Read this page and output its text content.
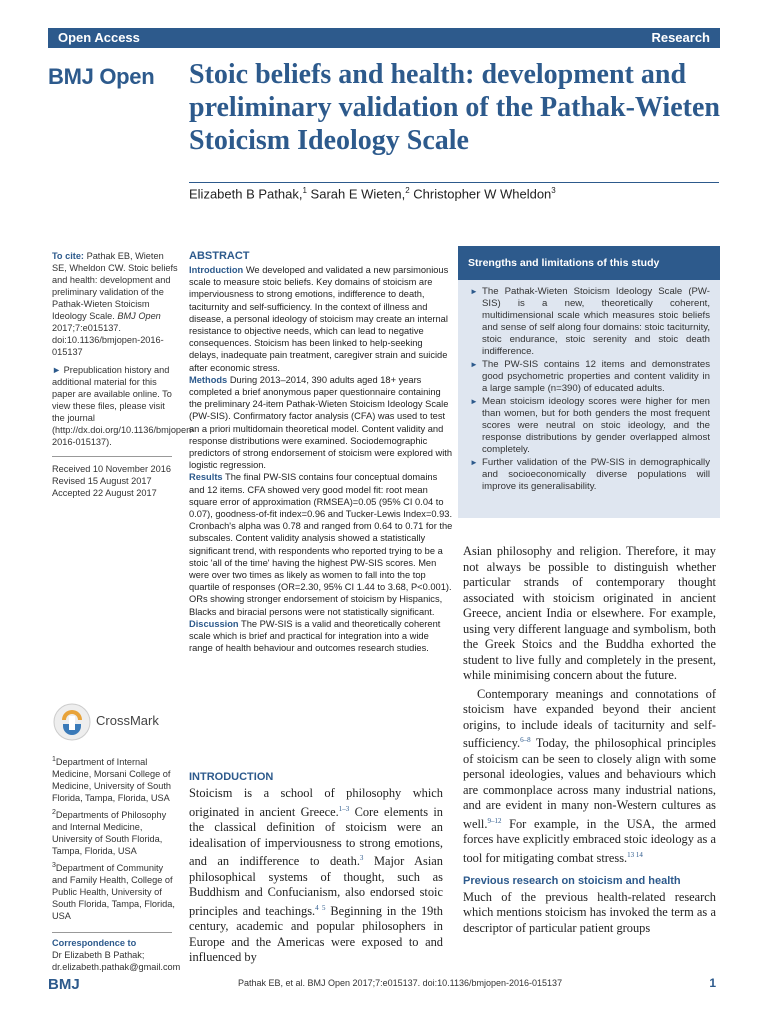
Open Access	Research
BMJ Open Stoic beliefs and health: development and preliminary validation of the Pathak-Wieten Stoicism Ideology Scale
Elizabeth B Pathak,$^1$ Sarah E Wieten,$^2$ Christopher W Wheldon$^3$

To cite: Pathak EB, Wieten SE, Wheldon CW. Stoic beliefs and health: development and preliminary validation of the Pathak-Wieten Stoicism Ideology Scale. BMJ Open 2017;7:e015137. doi:10.1136/bmjopen-2016-015137

► Prepublication history and additional material for this paper are available online. To view these files, please visit the journal (http://dx.doi.org/10.1136/bmjopen-2016-015137).

Received 10 November 2016
Revised 15 August 2017
Accepted 22 August 2017
CrossMark
$^1$Department of Internal Medicine, Morsani College of Medicine, University of South Florida, Tampa, Florida, USA
$^2$Departments of Philosophy and Internal Medicine, University of South Florida, Tampa, Florida, USA
$^3$Department of Community and Family Health, College of Public Health, University of South Florida, Tampa, Florida, USA
Correspondence to
Dr Elizabeth B Pathak;
dr.elizabeth.pathak@gmail.com
ABSTRACT

Introduction We developed and validated a new parsimonious scale to measure stoic beliefs. Key domains of stoicism are imperviousness to strong emotions, indifference to death, taciturnity and self-sufficiency. In the context of illness and disease, a personal ideology of stoicism may create an internal resistance to objective needs, which can lead to negative consequences. Stoicism has been linked to help-seeking delays, inadequate pain treatment, caregiver strain and suicide after economic stress.

Methods During 2013–2014, 390 adults aged 18+ years completed a brief anonymous paper questionnaire containing the preliminary 24-item Pathak-Wieten Stoicism Ideology Scale (PW-SIS). Confirmatory factor analysis (CFA) was used to test an a priori multidomain theoretical model. Content validity and response distributions were examined. Sociodemographic predictors of strong endorsement of stoicism were explored with logistic regression.

Results The final PW-SIS contains four conceptual domains and 12 items. CFA showed very good model fit: root mean square error of approximation (RMSEA)=0.05 (95% CI 0.04 to 0.07), goodness-of-fit index=0.96 and Tucker-Lewis Index=0.93. Cronbach's alpha was 0.78 and ranged from 0.64 to 0.71 for the subscales. Content validity analysis showed a statistically significant trend, with respondents who reported trying to be a stoic 'all of the time' having the highest PW-SIS scores. Men were over two times as likely as women to fall into the top quartile of responses (OR=2.30, 95% CI 1.44 to 3.68, P<0.001). ORs showing stronger endorsement of stoicism by Hispanics, Blacks and biracial persons were not statistically significant.

Discussion The PW-SIS is a valid and theoretically coherent scale which is brief and practical for integration into a wide range of health behaviour and outcomes research studies.

Strengths and limitations of this study
► The Pathak-Wieten Stoicism Ideology Scale (PW-SIS) is a new, theoretically coherent, multidimensional scale which measures stoic beliefs and sense of self along four domains: stoic taciturnity, stoic endurance, stoic serenity and stoic death indifference.
► The PW-SIS contains 12 items and demonstrates good psychometric properties and content validity in a large sample (n=390) of educated adults.
► Mean stoicism ideology scores were higher for men than women, but for both genders the most frequent scores were neutral on stoic ideology, and the response distributions by gender overlapped almost completely.
► Further validation of the PW-SIS in demographically and socioeconomically diverse populations will improve its generalisability.
INTRODUCTION

Stoicism is a school of philosophy which originated in ancient Greece.$^{1-3}$ Core elements in the classical definition of stoicism were an idealisation of imperviousness to strong emotions, and an indifference to death.$^3$ Major Asian philosophical systems of thought, such as Buddhism and Confucianism, also endorsed stoic principles and teachings.$^{4 5}$ Beginning in the 19th century, academic and popular philosophers in Europe and the Americas were exposed to and influenced by

Asian philosophy and religion. Therefore, it may not always be possible to distinguish whether particular strands of contemporary thought associated with stoicism originated in ancient Greece, ancient India or elsewhere. For example, using very different language and symbolism, both the Greek Stoics and the Buddha exhorted the student to live fully and completely in the present, while minimising concern about the future.

Contemporary meanings and connotations of stoicism have expanded beyond their ancient origins, to include ideals of taciturnity and self-sufficiency.$^{6-8}$ Today, the philosophical principles of stoicism can be seen to closely align with some personal ideologies, values and behaviours which are commonplace across many industrial nations, and are evident in many non-Western cultures as well.$^{9-12}$ For example, in the USA, the armed forces have explicitly embraced stoic ideology as a tool for mitigating combat stress.$^{13 14}$

Previous research on stoicism and health

Much of the previous health-related research which mentions stoicism has invoked the term as a descriptor of particular patient groups

BMJ	Pathak EB, et al. BMJ Open 2017;7:e015137. doi:10.1136/bmjopen-2016-015137	1
